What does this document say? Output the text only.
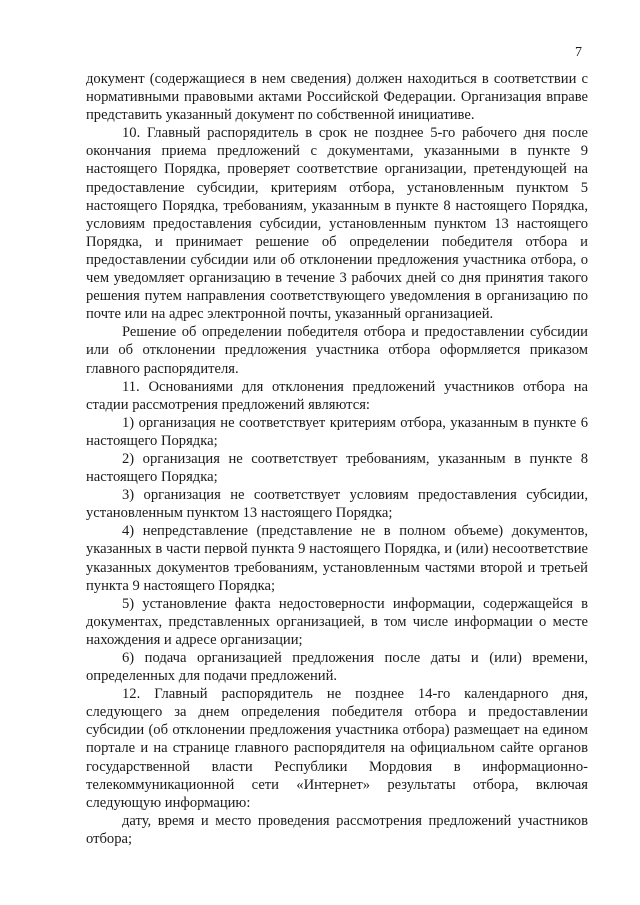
7

документ (содержащиеся в нем сведения) должен находиться в соответствии с нормативными правовыми актами Российской Федерации. Организация вправе представить указанный документ по собственной инициативе.

10. Главный распорядитель в срок не позднее 5-го рабочего дня после окончания приема предложений с документами, указанными в пункте 9 настоящего Порядка, проверяет соответствие организации, претендующей на предоставление субсидии, критериям отбора, установленным пунктом 5 настоящего Порядка, требованиям, указанным в пункте 8 настоящего Порядка, условиям предоставления субсидии, установленным пунктом 13 настоящего Порядка, и принимает решение об определении победителя отбора и предоставлении субсидии или об отклонении предложения участника отбора, о чем уведомляет организацию в течение 3 рабочих дней со дня принятия такого решения путем направления соответствующего уведомления в организацию по почте или на адрес электронной почты, указанный организацией.

Решение об определении победителя отбора и предоставлении субсидии или об отклонении предложения участника отбора оформляется приказом главного распорядителя.

11. Основаниями для отклонения предложений участников отбора на стадии рассмотрения предложений являются:

1) организация не соответствует критериям отбора, указанным в пункте 6 настоящего Порядка;

2) организация не соответствует требованиям, указанным в пункте 8 настоящего Порядка;

3) организация не соответствует условиям предоставления субсидии, установленным пунктом 13 настоящего Порядка;

4) непредставление (представление не в полном объеме) документов, указанных в части первой пункта 9 настоящего Порядка, и (или) несоответствие указанных документов требованиям, установленным частями второй и третьей пункта 9 настоящего Порядка;

5) установление факта недостоверности информации, содержащейся в документах, представленных организацией, в том числе информации о месте нахождения и адресе организации;

6) подача организацией предложения после даты и (или) времени, определенных для подачи предложений.

12. Главный распорядитель не позднее 14-го календарного дня, следующего за днем определения победителя отбора и предоставлении субсидии (об отклонении предложения участника отбора) размещает на едином портале и на странице главного распорядителя на официальном сайте органов государственной власти Республики Мордовия в информационно-телекоммуникационной сети «Интернет» результаты отбора, включая следующую информацию:

дату, время и место проведения рассмотрения предложений участников отбора;
